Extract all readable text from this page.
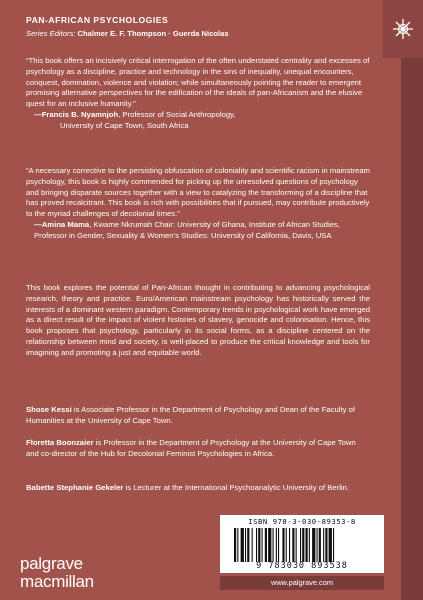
PAN-AFRICAN PSYCHOLOGIES
Series Editors: Chalmer E. F. Thompson · Guerda Nicolas

“This book offers an incisively critical interrogation of the often understated centrality and excesses of psychology as a discipline, practice and technology in the sins of inequality, unequal encounters, conquest, domination, violence and violation; while simultaneously pointing the reader to emergent promising alternative perspectives for the edification of the ideals of pan-Africanism and the elusive quest for an inclusive humanity.”

—Francis B. Nyamnjoh, Professor of Social Anthropology,

University of Cape Town, South Africa

“A necessary corrective to the persisting obfuscation of coloniality and scientific racism in mainstream psychology, this book is highly commended for picking up the unresolved questions of psychology and bringing disparate sources together with a view to catalyzing the transforming of a discipline that has proved recalcitrant. This book is rich with possibilities that if pursued, may contribute productively to the myriad challenges of decolonial times.”

—Amina Mama, Kwame Nkrumah Chair: University of Ghana, Institute of African Studies, Professor in Gender, Sexuality & Women’s Studies: University of California, Davis, USA

This book explores the potential of Pan-African thought in contributing to advancing psychological research, theory and practice. Euro/American mainstream psychology has historically served the interests of a dominant western paradigm. Contemporary trends in psychological work have emerged as a direct result of the impact of violent histories of slavery, genocide and colonisation. Hence, this book proposes that psychology, particularly in its social forms, as a discipline centered on the relationship between mind and society, is well-placed to produce the critical knowledge and tools for imagining and promoting a just and equitable world.
Shose Kessi is Associate Professor in the Department of Psychology and Dean of the Faculty of Humanities at the University of Cape Town.
Floretta Boonzaier is Professor in the Department of Psychology at the University of Cape Town and co-director of the Hub for Decolonial Feminist Psychologies in Africa.
Babette Stephanie Gekeler is Lecturer at the International Psychoanalytic University of Berlin.
palgrave
macmillan
ISBN 978-3-030-89353-8
9 783030 893538
www.palgrave.com
